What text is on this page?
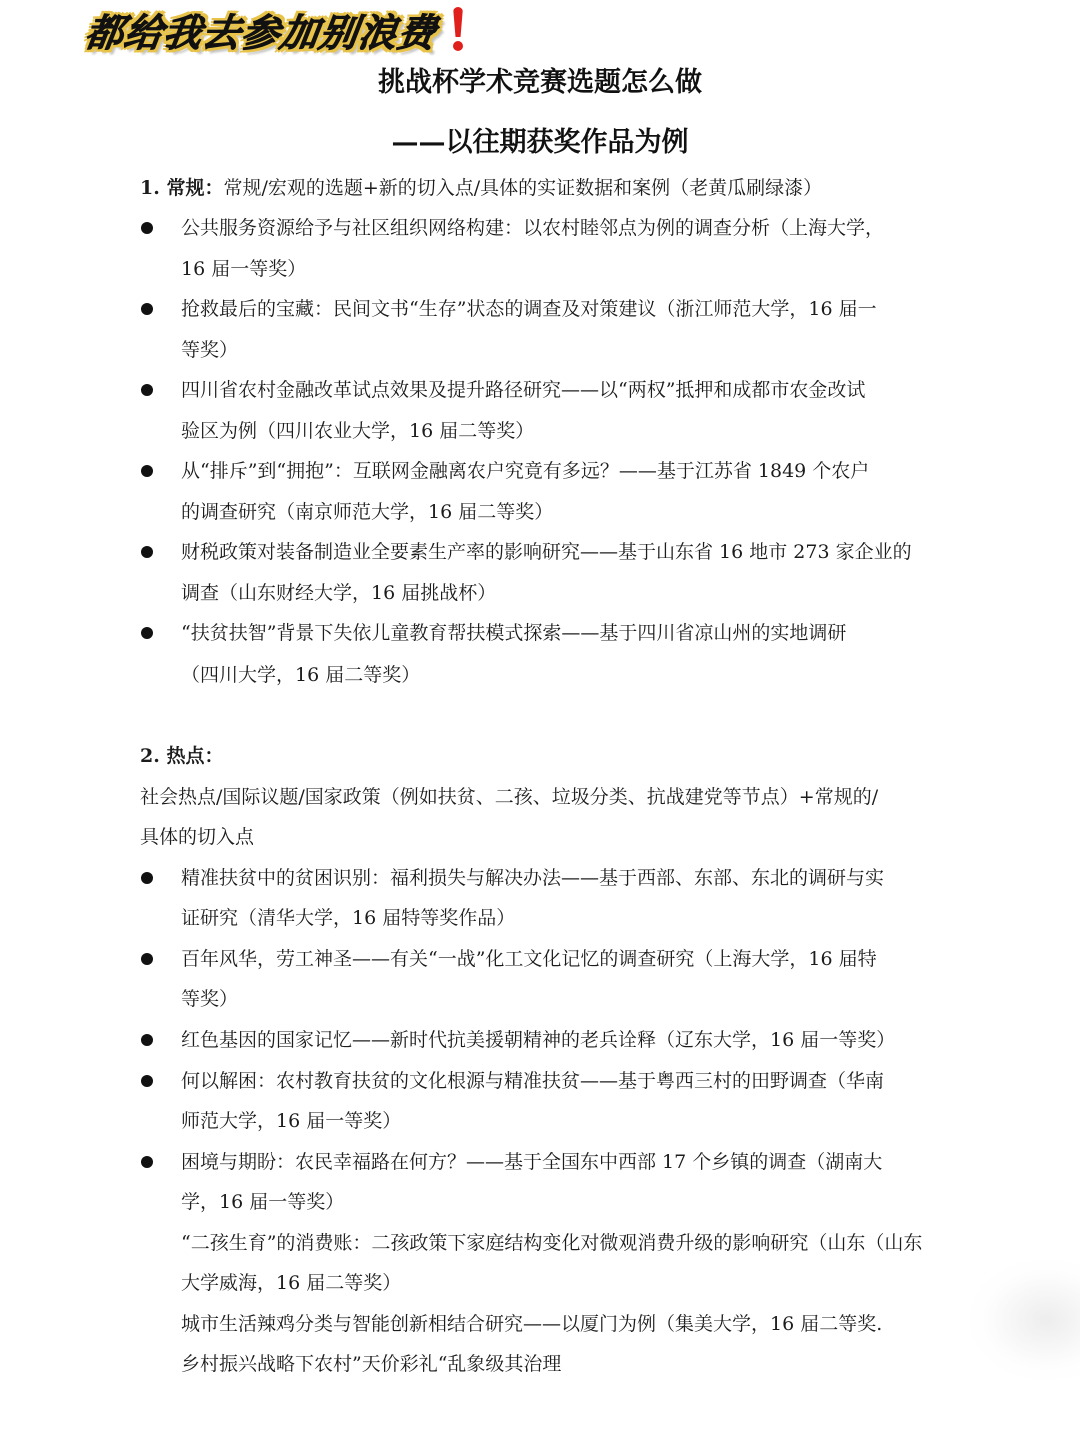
都给我去参加别浪费
挑战杯学术竞赛选题怎么做
——以往期获奖作品为例
1. 常规：常规/宏观的选题+新的切入点/具体的实证数据和案例（老黄瓜刷绿漆）
公共服务资源给予与社区组织网络构建：以农村睦邻点为例的调查分析（上海大学，
16 届一等奖）
抢救最后的宝藏：民间文书“生存”状态的调查及对策建议（浙江师范大学，16 届一
等奖）
四川省农村金融改革试点效果及提升路径研究——以“两权”抵押和成都市农金改试
验区为例（四川农业大学，16 届二等奖）
从“排斥”到“拥抱”：互联网金融离农户究竟有多远？——基于江苏省 1849 个农户
的调查研究（南京师范大学，16 届二等奖）
财税政策对装备制造业全要素生产率的影响研究——基于山东省 16 地市 273 家企业的
调查（山东财经大学，16 届挑战杯）
“扶贫扶智”背景下失依儿童教育帮扶模式探索——基于四川省凉山州的实地调研
（四川大学，16 届二等奖）
2. 热点：
社会热点/国际议题/国家政策（例如扶贫、二孩、垃圾分类、抗战建党等节点）+常规的/
具体的切入点
精准扶贫中的贫困识别：福利损失与解决办法——基于西部、东部、东北的调研与实
证研究（清华大学，16 届特等奖作品）
百年风华，劳工神圣——有关“一战”化工文化记忆的调查研究（上海大学，16 届特
等奖）
红色基因的国家记忆——新时代抗美援朝精神的老兵诠释（辽东大学，16 届一等奖）
何以解困：农村教育扶贫的文化根源与精准扶贫——基于粤西三村的田野调查（华南
师范大学，16 届一等奖）
困境与期盼：农民幸福路在何方？——基于全国东中西部 17 个乡镇的调查（湖南大
学，16 届一等奖）
“二孩生育”的消费账：二孩政策下家庭结构变化对微观消费升级的影响研究（山东（山东
大学威海，16 届二等奖）
城市生活辣鸡分类与智能创新相结合研究——以厦门为例（集美大学，16 届二等奖.
乡村振兴战略下农村”天价彩礼“乱象级其治理
